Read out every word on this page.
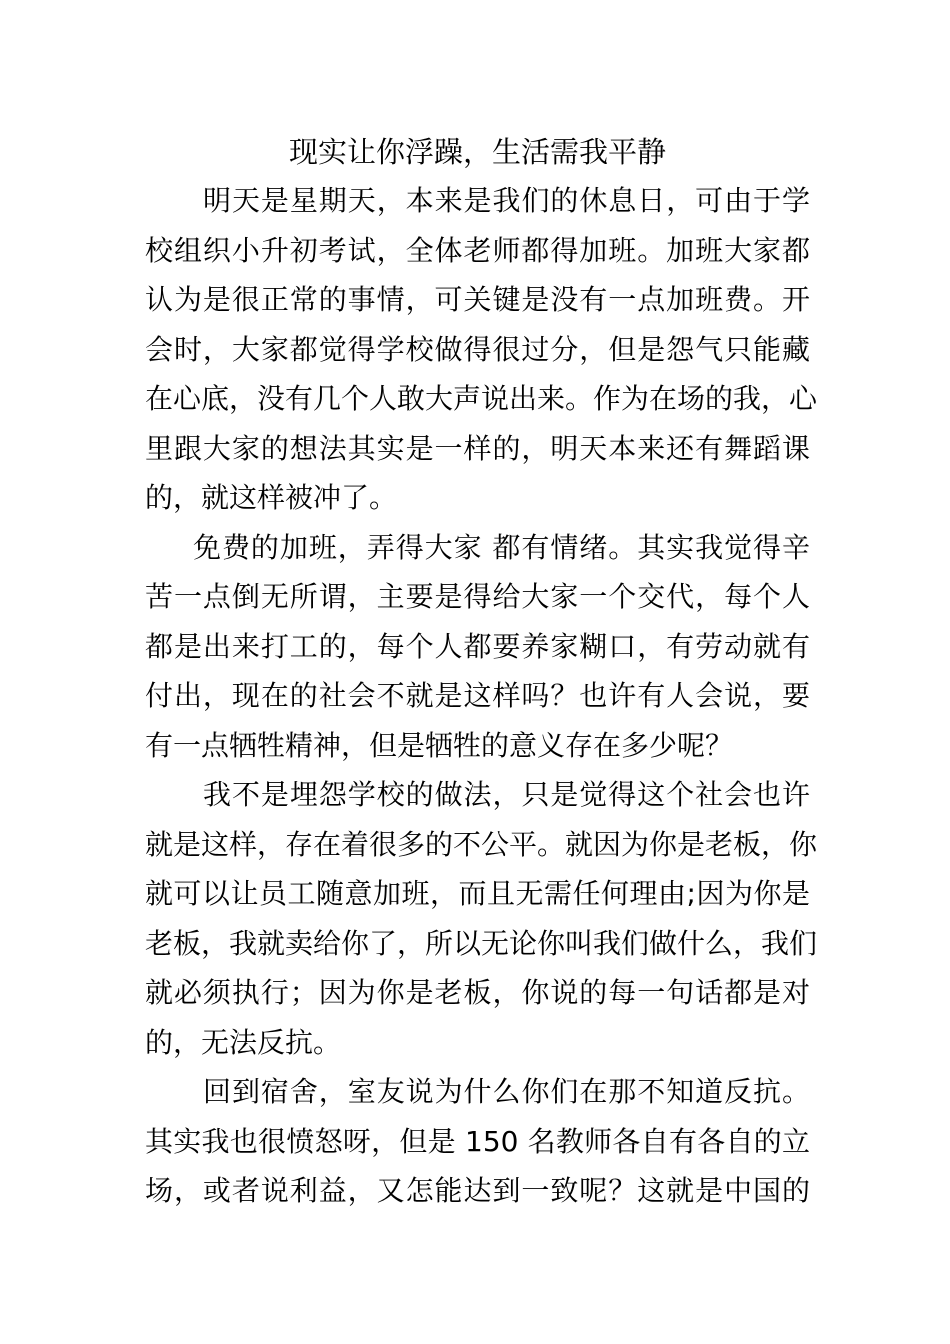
现实让你浮躁，生活需我平静
明天是星期天，本来是我们的休息日，可由于学
校组织小升初考试，全体老师都得加班。加班大家都
认为是很正常的事情，可关键是没有一点加班费。开
会时，大家都觉得学校做得很过分，但是怨气只能藏
在心底，没有几个人敢大声说出来。作为在场的我，心
里跟大家的想法其实是一样的，明天本来还有舞蹈课
的，就这样被冲了。
免费的加班，弄得大家 都有情绪。其实我觉得辛
苦一点倒无所谓，主要是得给大家一个交代，每个人
都是出来打工的，每个人都要养家糊口，有劳动就有
付出，现在的社会不就是这样吗？也许有人会说，要
有一点牺牲精神，但是牺牲的意义存在多少呢？
我不是埋怨学校的做法，只是觉得这个社会也许
就是这样，存在着很多的不公平。就因为你是老板，你
就可以让员工随意加班，而且无需任何理由;因为你是
老板，我就卖给你了，所以无论你叫我们做什么，我们
就必须执行；因为你是老板，你说的每一句话都是对
的，无法反抗。
回到宿舍，室友说为什么你们在那不知道反抗。
其实我也很愤怒呀，但是 150 名教师各自有各自的立
场，或者说利益，又怎能达到一致呢？这就是中国的
